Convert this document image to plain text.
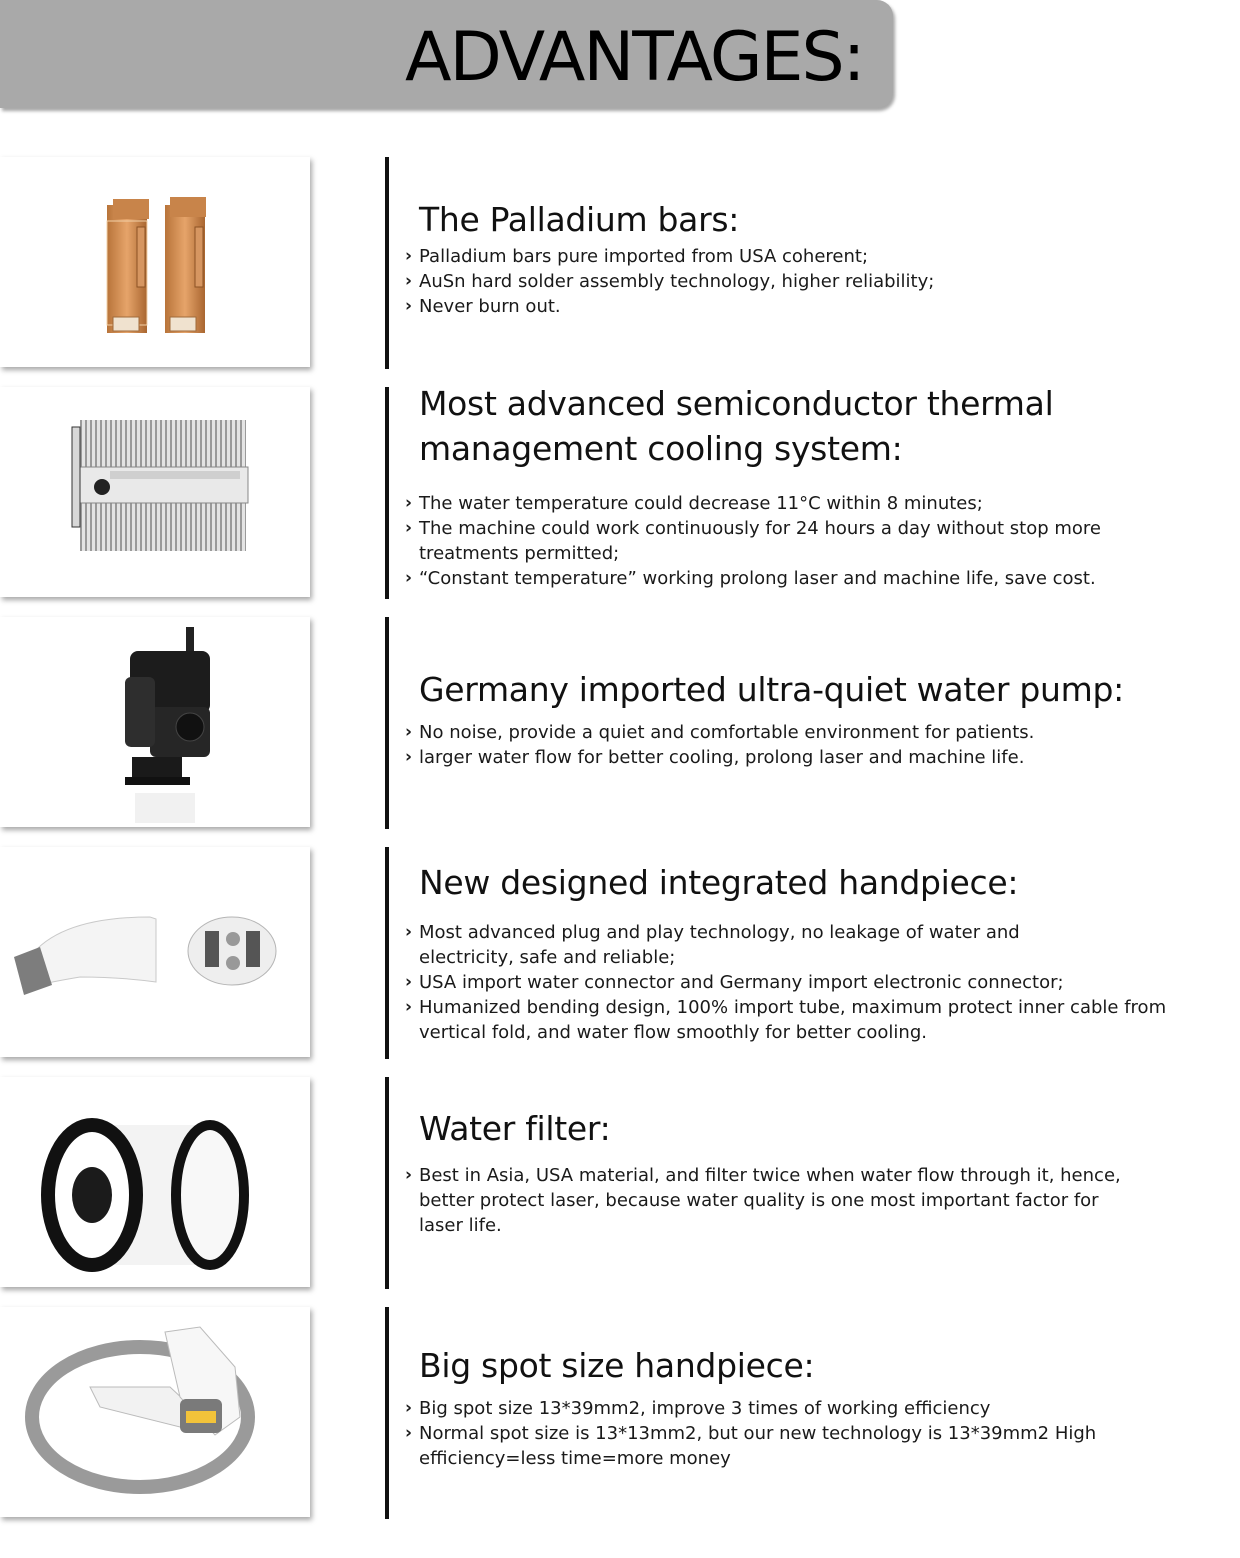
ADVANTAGES:
The Palladium bars:
› Palladium bars pure imported from USA coherent;
› AuSn hard solder assembly technology, higher reliability;
› Never burn out.
Most advanced semiconductor thermal management cooling system:
› The water temperature could decrease 11°C within 8 minutes;
› The machine could work continuously for 24 hours a day without stop more treatments permitted;
› “Constant temperature” working prolong laser and machine life, save cost.
Germany imported ultra-quiet water pump:
› No noise, provide a quiet and comfortable environment for patients.
› larger water flow for better cooling, prolong laser and machine life.
New designed integrated handpiece:
› Most advanced plug and play technology, no leakage of water and electricity, safe and reliable;
› USA import water connector and Germany import electronic connector;
› Humanized bending design, 100% import tube, maximum protect inner cable from vertical fold, and water flow smoothly for better cooling.
Water filter:
› Best in Asia, USA material, and filter twice when water flow through it, hence, better protect laser, because water quality is one most important factor for laser life.
Big spot size handpiece:
› Big spot size 13*39mm2, improve 3 times of working efficiency
› Normal spot size is 13*13mm2, but our new technology is 13*39mm2 High efficiency=less time=more money
